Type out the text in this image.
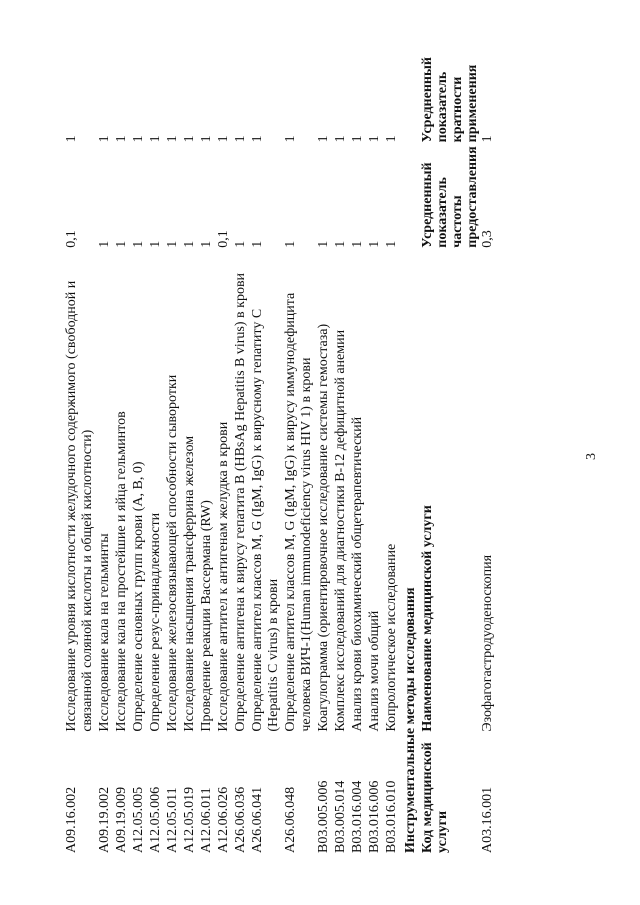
A09.16.002	Исследование уровня кислотности желудочного содержимого (свободной и связанной соляной кислоты и общей кислотности)	0,1	1
A09.19.002	Исследование кала на гельминты	1	1
A09.19.009	Исследование кала на простейшие и яйца гельминтов	1	1
A12.05.005	Определение основных групп крови (A, B, 0)	1	1
A12.05.006	Определение резус-принадлежности	1	1
A12.05.011	Исследование железосвязывающей способности сыворотки	1	1
A12.05.019	Исследование насыщения трансферрина железом	1	1
A12.06.011	Проведение реакции Вассермана (RW)	1	1
A12.06.026	Исследование антител к антигенам желудка в крови	0,1	1
A26.06.036	Определение антигена к вирусу гепатита B (HBsAg Hepatitis B virus) в крови	1	1
A26.06.041	Определение антител классов M, G (IgM, IgG) к вирусному гепатиту C (Hepatitis C virus) в крови	1	1
A26.06.048	Определение антител классов M, G (IgM, IgG) к вирусу иммунодефицита человека ВИЧ-1(Human immunodeficiency virus HIV 1) в крови	1	1
B03.005.006	Коагулограмма (ориентировочное исследование системы гемостаза)	1	1
B03.005.014	Комплекс исследований для диагностики B-12 дефицитной анемии	1	1
B03.016.004	Анализ крови биохимический общетерапевтический	1	1
B03.016.006	Анализ мочи общий	1	1
B03.016.010	Копрологическое исследование	1	1
Инструментальные методы исследования			
Код медицинской услуги	Наименование медицинской услуги	Усредненный показатель частоты предоставления	Усредненный показатель кратности применения
A03.16.001	Эзофагогастродуоденоскопия	0,3	1
3
